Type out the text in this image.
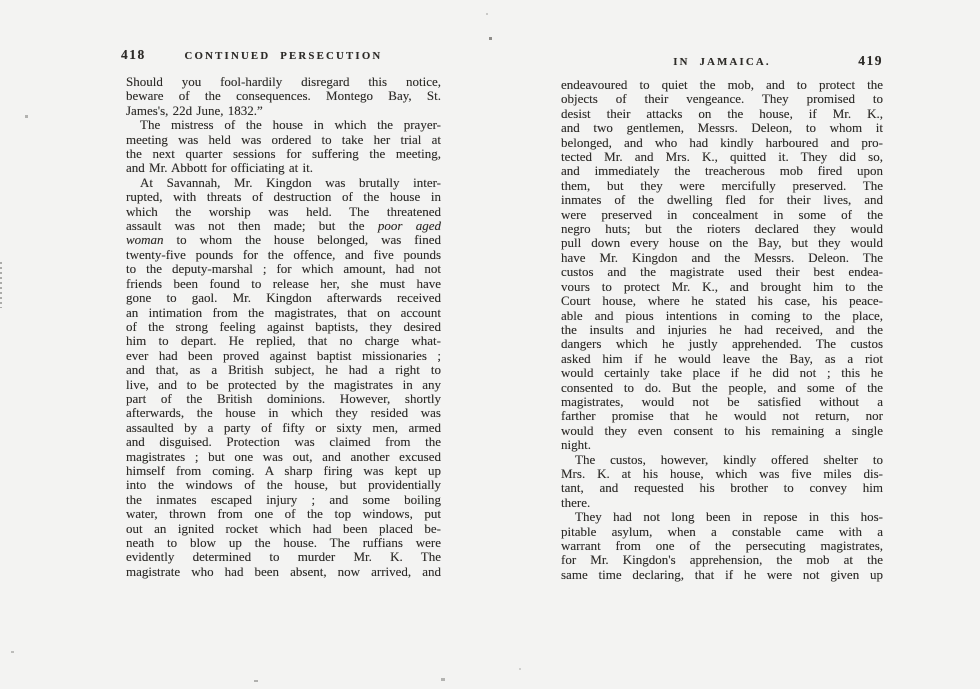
418	CONTINUED PERSECUTION
Should you fool-hardily disregard this notice,
beware of the consequences. Montego Bay, St.
James's, 22d June, 1832.”
The mistress of the house in which the prayer-
meeting was held was ordered to take her trial at
the next quarter sessions for suffering the meeting,
and Mr. Abbott for officiating at it.
At Savannah, Mr. Kingdon was brutally inter-
rupted, with threats of destruction of the house in
which the worship was held. The threatened
assault was not then made; but the poor aged
woman to whom the house belonged, was fined
twenty-five pounds for the offence, and five pounds
to the deputy-marshal ; for which amount, had not
friends been found to release her, she must have
gone to gaol. Mr. Kingdon afterwards received
an intimation from the magistrates, that on account
of the strong feeling against baptists, they desired
him to depart. He replied, that no charge what-
ever had been proved against baptist missionaries ;
and that, as a British subject, he had a right to
live, and to be protected by the magistrates in any
part of the British dominions. However, shortly
afterwards, the house in which they resided was
assaulted by a party of fifty or sixty men, armed
and disguised. Protection was claimed from the
magistrates ; but one was out, and another excused
himself from coming. A sharp firing was kept up
into the windows of the house, but providentially
the inmates escaped injury ; and some boiling
water, thrown from one of the top windows, put
out an ignited rocket which had been placed be-
neath to blow up the house. The ruffians were
evidently determined to murder Mr. K. The
magistrate who had been absent, now arrived, and
IN JAMAICA.	419
endeavoured to quiet the mob, and to protect the
objects of their vengeance. They promised to
desist their attacks on the house, if Mr. K.,
and two gentlemen, Messrs. Deleon, to whom it
belonged, and who had kindly harboured and pro-
tected Mr. and Mrs. K., quitted it. They did so,
and immediately the treacherous mob fired upon
them, but they were mercifully preserved. The
inmates of the dwelling fled for their lives, and
were preserved in concealment in some of the
negro huts; but the rioters declared they would
pull down every house on the Bay, but they would
have Mr. Kingdon and the Messrs. Deleon. The
custos and the magistrate used their best endea-
vours to protect Mr. K., and brought him to the
Court house, where he stated his case, his peace-
able and pious intentions in coming to the place,
the insults and injuries he had received, and the
dangers which he justly apprehended. The custos
asked him if he would leave the Bay, as a riot
would certainly take place if he did not ; this he
consented to do. But the people, and some of the
magistrates, would not be satisfied without a
farther promise that he would not return, nor
would they even consent to his remaining a single
night.
The custos, however, kindly offered shelter to
Mrs. K. at his house, which was five miles dis-
tant, and requested his brother to convey him
there.
They had not long been in repose in this hos-
pitable asylum, when a constable came with a
warrant from one of the persecuting magistrates,
for Mr. Kingdon's apprehension, the mob at the
same time declaring, that if he were not given up
